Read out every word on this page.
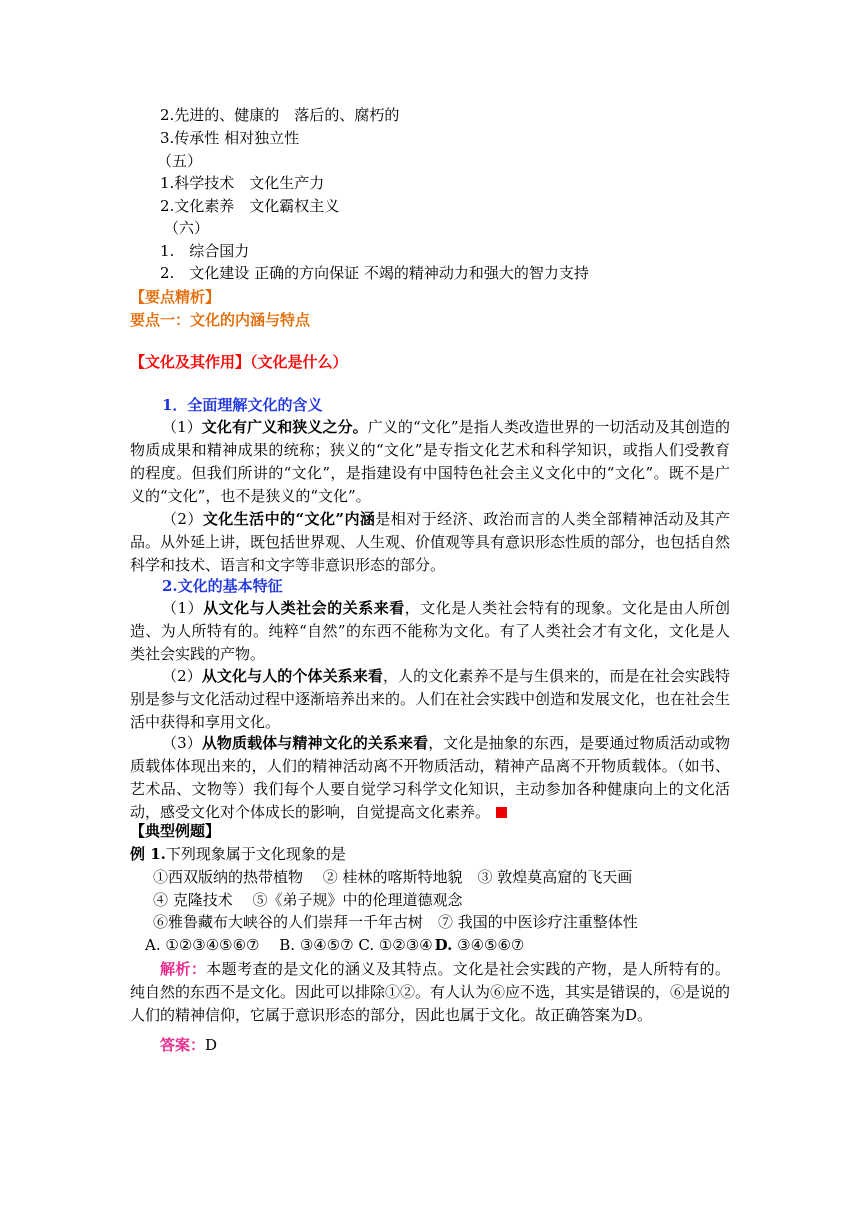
2.先进的、健康的　落后的、腐朽的
3.传承性 相对独立性
（五）
1.科学技术　文化生产力
2.文化素养　文化霸权主义
（六）
1.　综合国力
2.　文化建设 正确的方向保证 不竭的精神动力和强大的智力支持
【要点精析】
要点一：文化的内涵与特点
【文化及其作用】（文化是什么）
1．全面理解文化的含义
（1）文化有广义和狭义之分。广义的“文化”是指人类改造世界的一切活动及其创造的物质成果和精神成果的统称；狭义的“文化”是专指文化艺术和科学知识，或指人们受教育的程度。但我们所讲的“文化”，是指建设有中国特色社会主义文化中的“文化”。既不是广义的“文化”，也不是狭义的“文化”。
（2）文化生活中的“文化”内涵是相对于经济、政治而言的人类全部精神活动及其产品。从外延上讲，既包括世界观、人生观、价值观等具有意识形态性质的部分，也包括自然科学和技术、语言和文字等非意识形态的部分。
2.文化的基本特征
（1）从文化与人类社会的关系来看，文化是人类社会特有的现象。文化是由人所创造、为人所特有的。纯粹“自然”的东西不能称为文化。有了人类社会才有文化，文化是人类社会实践的产物。
（2）从文化与人的个体关系来看，人的文化素养不是与生俱来的，而是在社会实践特别是参与文化活动过程中逐渐培养出来的。人们在社会实践中创造和发展文化，也在社会生活中获得和享用文化。
（3）从物质载体与精神文化的关系来看，文化是抽象的东西，是要通过物质活动或物质载体体现出来的，人们的精神活动离不开物质活动，精神产品离不开物质载体。（如书、艺术品、文物等）我们每个人要自觉学习科学文化知识，主动参加各种健康向上的文化活动，感受文化对个体成长的影响，自觉提高文化素养。
【典型例题】
例 1.下列现象属于文化现象的是
①西双版纳的热带植物　 ② 桂林的喀斯特地貌　③ 敦煌莫高窟的飞天画
④ 克隆技术　 ⑤《弟子规》中的伦理道德观念
⑥雅鲁藏布大峡谷的人们崇拜一千年古树　⑦ 我国的中医诊疗注重整体性
A. ①②③④⑤⑥⑦　 B. ③④⑤⑦ C. ①②③④ D. ③④⑤⑥⑦
解析：本题考查的是文化的涵义及其特点。文化是社会实践的产物，是人所特有的。纯自然的东西不是文化。因此可以排除①②。有人认为⑥应不选，其实是错误的，⑥是说的人们的精神信仰，它属于意识形态的部分，因此也属于文化。故正确答案为D。
答案：D
